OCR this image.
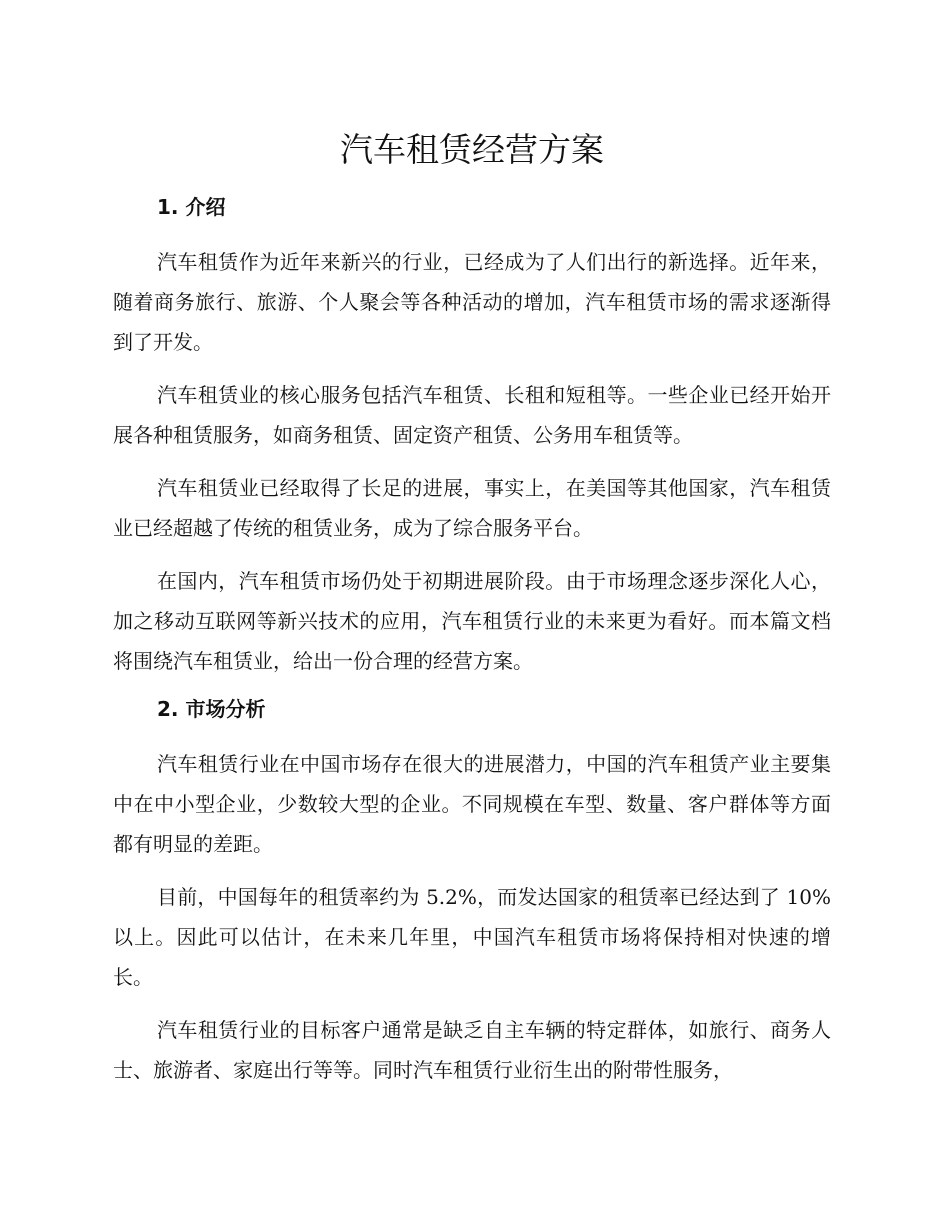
汽车租赁经营方案
1. 介绍

汽车租赁作为近年来新兴的行业，已经成为了人们出行的新选择。近年来，随着商务旅行、旅游、个人聚会等各种活动的增加，汽车租赁市场的需求逐渐得到了开发。

汽车租赁业的核心服务包括汽车租赁、长租和短租等。一些企业已经开始开展各种租赁服务，如商务租赁、固定资产租赁、公务用车租赁等。

汽车租赁业已经取得了长足的进展，事实上，在美国等其他国家，汽车租赁业已经超越了传统的租赁业务，成为了综合服务平台。

在国内，汽车租赁市场仍处于初期进展阶段。由于市场理念逐步深化人心，加之移动互联网等新兴技术的应用，汽车租赁行业的未来更为看好。而本篇文档将围绕汽车租赁业，给出一份合理的经营方案。

2. 市场分析

汽车租赁行业在中国市场存在很大的进展潜力，中国的汽车租赁产业主要集中在中小型企业，少数较大型的企业。不同规模在车型、数量、客户群体等方面都有明显的差距。

目前，中国每年的租赁率约为 5.2%，而发达国家的租赁率已经达到了 10%以上。因此可以估计，在未来几年里，中国汽车租赁市场将保持相对快速的增长。

汽车租赁行业的目标客户通常是缺乏自主车辆的特定群体，如旅行、商务人士、旅游者、家庭出行等等。同时汽车租赁行业衍生出的附带性服务，
